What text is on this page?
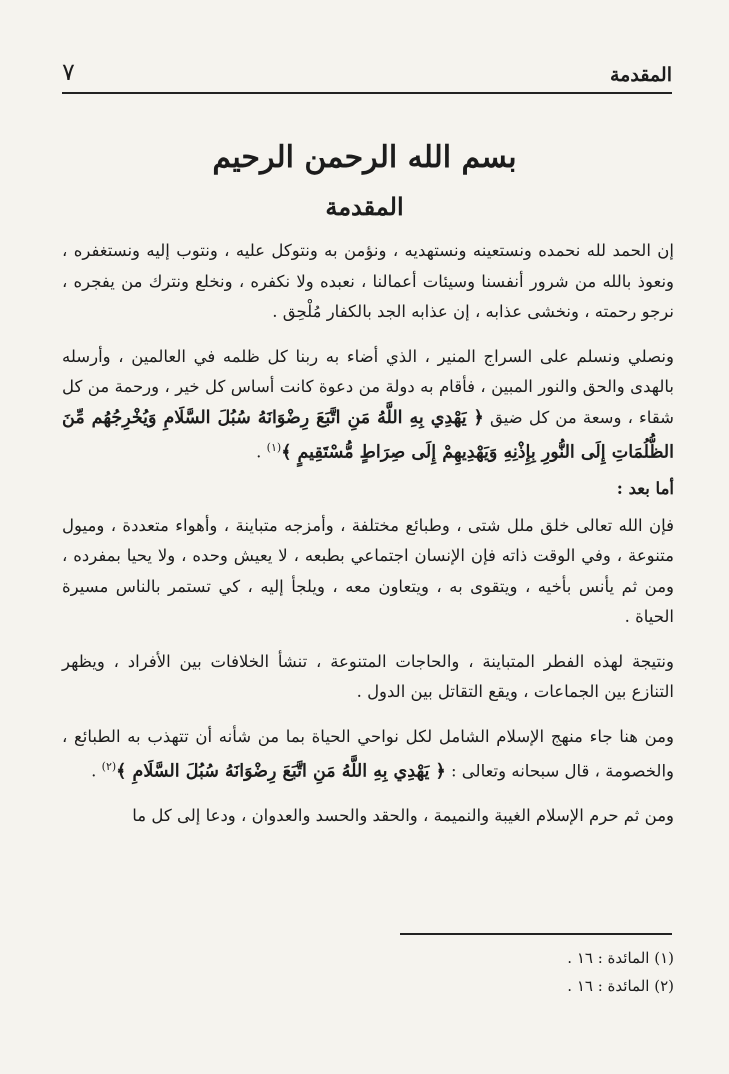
المقدمة
٧
بسم الله الرحمن الرحيم
المقدمة

إن الحمد لله نحمده ونستعينه ونستهديه ، ونؤمن به ونتوكل عليه ، ونتوب إليه ونستغفره ، ونعوذ بالله من شرور أنفسنا وسيئات أعمالنا ، نعبده ولا نكفره ، ونخلع ونترك من يفجره ، نرجو رحمته ، ونخشى عذابه ، إن عذابه الجد بالكفار مُلْحِق .

ونصلي ونسلم على السراج المنير ، الذي أضاء به ربنا كل ظلمه في العالمين ، وأرسله بالهدى والحق والنور المبين ، فأقام به دولة من دعوة كانت أساس كل خير ، ورحمة من كل شقاء ، وسعة من كل ضيق ﴿ يَهْدِي بِهِ اللَّهُ مَنِ اتَّبَعَ رِضْوَانَهُ سُبُلَ السَّلَامِ وَيُخْرِجُهُم مِّنَ الظُّلُمَاتِ إِلَى النُّورِ بِإِذْنِهِ وَيَهْدِيهِمْ إِلَى صِرَاطٍ مُّسْتَقِيمٍ ﴾$^{(١)}$ .

أما بعد :

فإن الله تعالى خلق ملل شتى ، وطبائع مختلفة ، وأمزجه متباينة ، وأهواء متعددة ، وميول متنوعة ، وفي الوقت ذاته فإن الإنسان اجتماعي بطبعه ، لا يعيش وحده ، ولا يحيا بمفرده ، ومن ثم يأنس بأخيه ، ويتقوى به ، ويتعاون معه ، ويلجأ إليه ، كي تستمر بالناس مسيرة الحياة .

ونتيجة لهذه الفطر المتباينة ، والحاجات المتنوعة ، تنشأ الخلافات بين الأفراد ، ويظهر التنازع بين الجماعات ، ويقع التقاتل بين الدول .

ومن هنا جاء منهج الإسلام الشامل لكل نواحي الحياة بما من شأنه أن تتهذب به الطبائع ، والخصومة ، قال سبحانه وتعالى : ﴿ يَهْدِي بِهِ اللَّهُ مَنِ اتَّبَعَ رِضْوَانَهُ سُبُلَ السَّلَامِ ﴾$^{(٢)}$ .

ومن ثم حرم الإسلام الغيبة والنميمة ، والحقد والحسد والعدوان ، ودعا إلى كل ما

(١) المائدة : ١٦ .
(٢) المائدة : ١٦ .
